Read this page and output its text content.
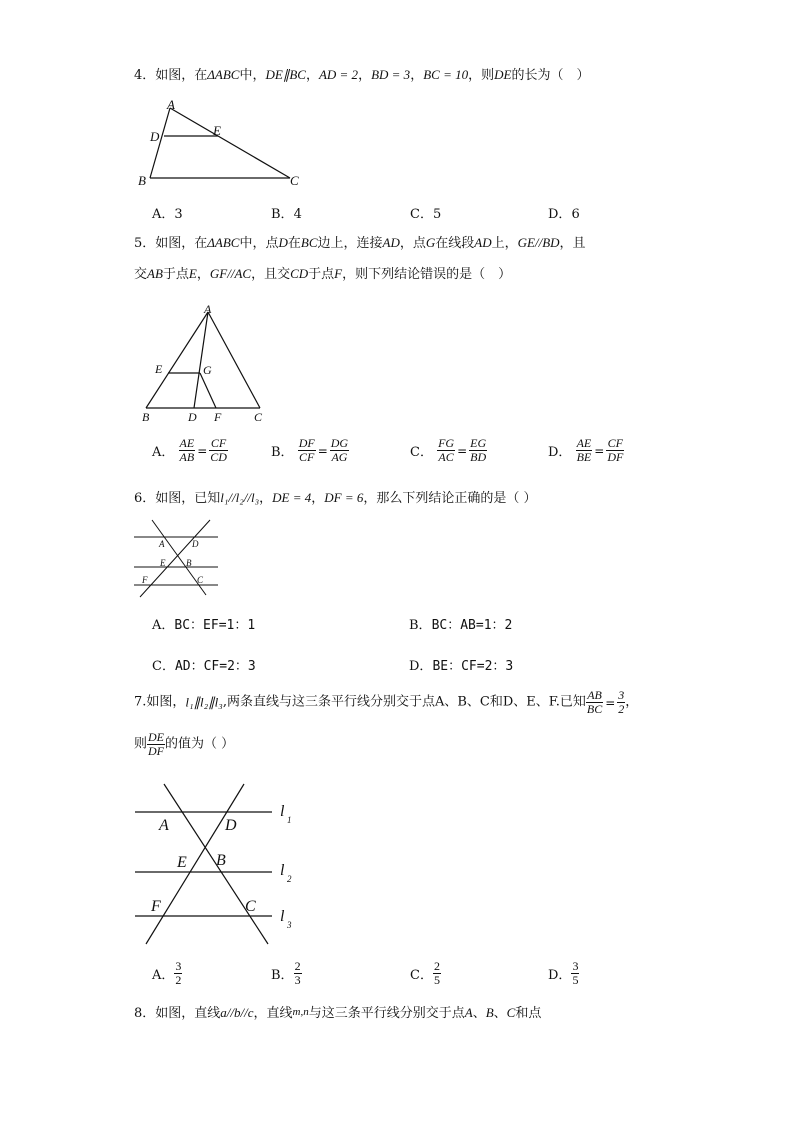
4．如图，在ΔABC中，DE∥BC，AD = 2，BD = 3，BC = 10，则DE的长为（　）
A
D	E
B	C
A．3	B．4	C．5	D．6
5．如图，在ΔABC中，点D在BC边上，连接AD，点G在线段AD上，GE//BD，且
交AB于点E，GF//AC，且交CD于点F，则下列结论错误的是（　）
A
E	G
B	D F	C
A． $\frac{AE}{AB} = \frac{CF}{CD}$	B． $\frac{DF}{CF} = \frac{DG}{AG}$	C． $\frac{FG}{AC} = \frac{EG}{BD}$	D． $\frac{AE}{BE} = \frac{CF}{DF}$
6．如图，已知l₁//l₂//l₃，DE = 4，DF = 6，那么下列结论正确的是（ ）
A	D
E B
F	C
A．BC：EF=1：1	B．BC：AB=1：2
C．AD：CF=2：3	D．BE：CF=2：3
7.如图，l₁∥l₂∥l₃,两条直线与这三条平行线分别交于点A、B、C和D、E、F.已知 $\frac{AB}{BC} = \frac{3}{2}$ ，
则 $\frac{DE}{DF}$ 的值为（ ）
A	D
E B
F	C
l 1
l 2
l 3
A． $\frac{3}{2}$	B． $\frac{2}{3}$	C． $\frac{2}{5}$	D． $\frac{3}{5}$
8．如图，直线a//b//c，直线m,n与这三条平行线分别交于点A、B、C和点
